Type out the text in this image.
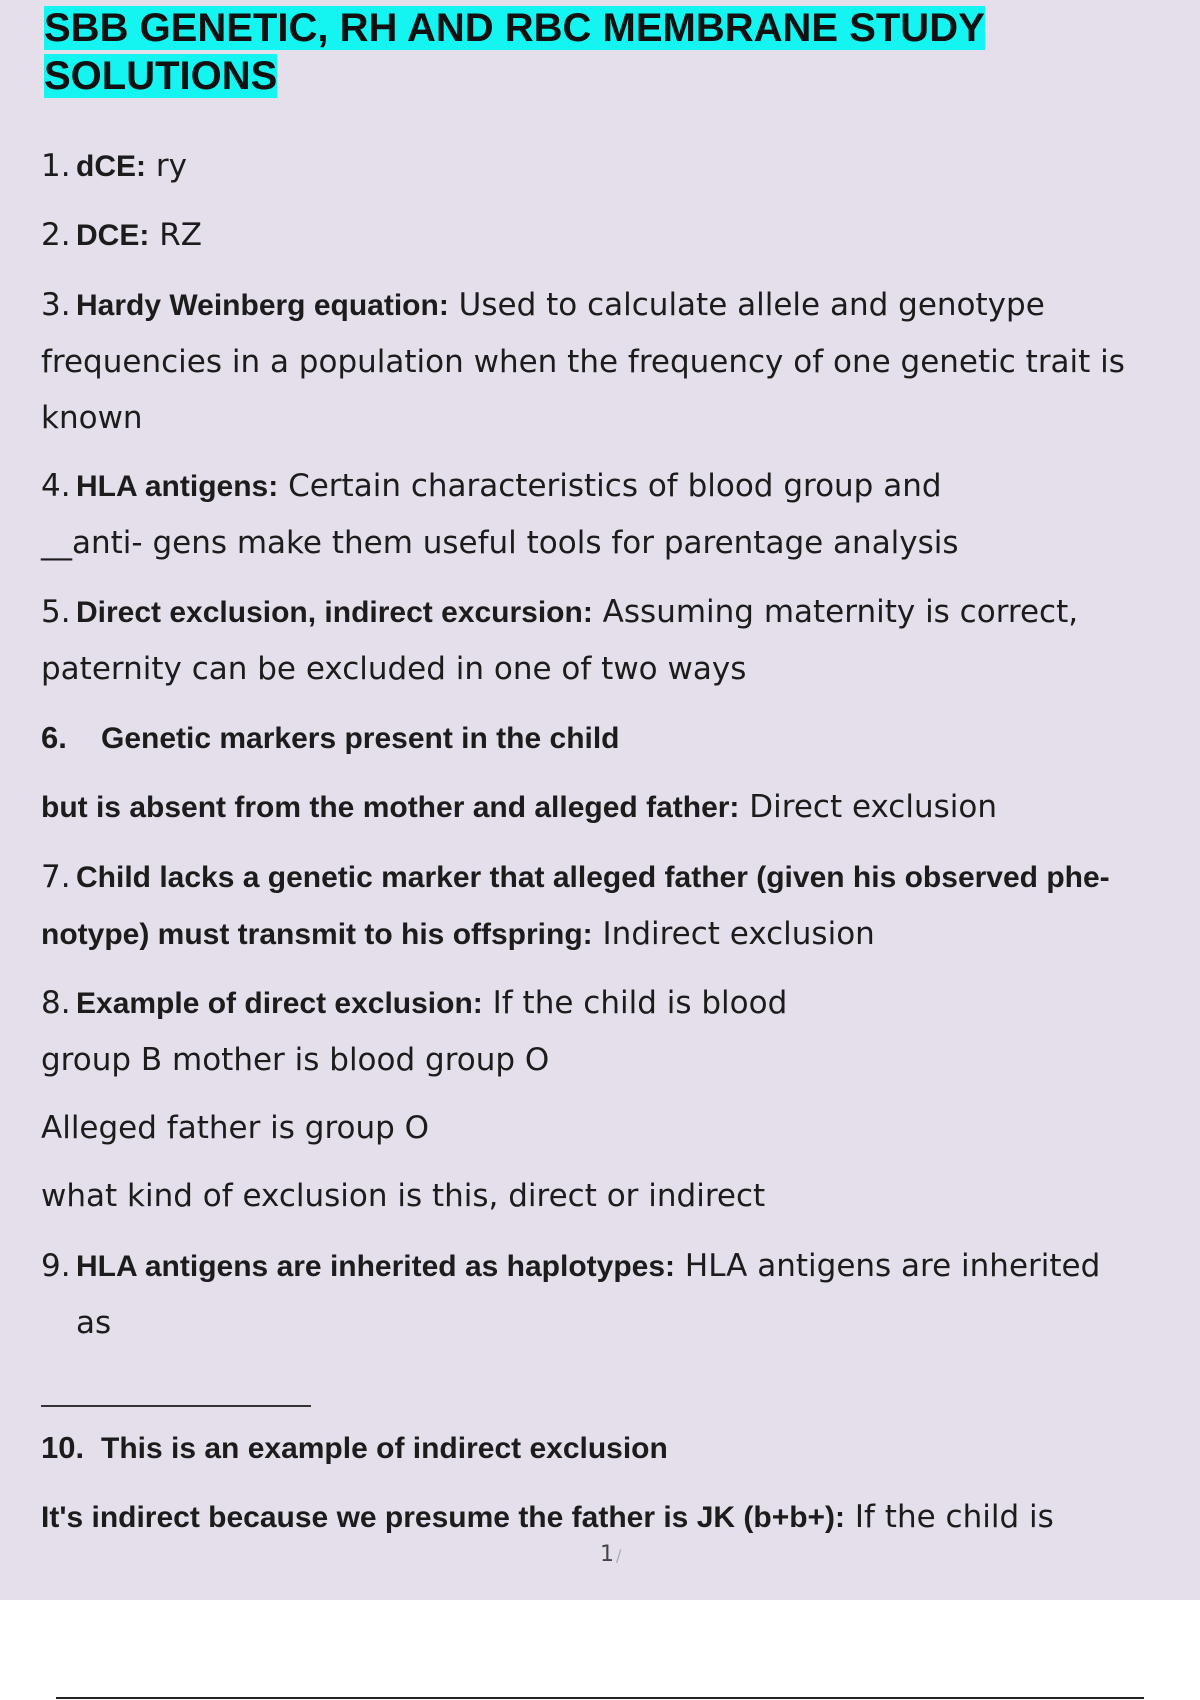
SBB GENETIC, RH AND RBC MEMBRANE STUDY
SOLUTIONS
1. dCE: ry
2. DCE: RZ
3. Hardy Weinberg equation: Used to calculate allele and genotype
frequencies in a population when the frequency of one genetic trait is
known
4. HLA antigens: Certain characteristics of blood group and
__anti- gens make them useful tools for parentage analysis
5. Direct exclusion, indirect excursion: Assuming maternity is correct,
paternity can be excluded in one of two ways
6. Genetic markers present in the child
but is absent from the mother and alleged father: Direct exclusion
7. Child lacks a genetic marker that alleged father (given his observed phe-
notype) must transmit to his offspring: Indirect exclusion
8. Example of direct exclusion: If the child is blood
group B mother is blood group O
Alleged father is group O
what kind of exclusion is this, direct or indirect
9. HLA antigens are inherited as haplotypes: HLA antigens are inherited
as
10. This is an example of indirect exclusion
It's indirect because we presume the father is JK (b+b+): If the child is
1 /
